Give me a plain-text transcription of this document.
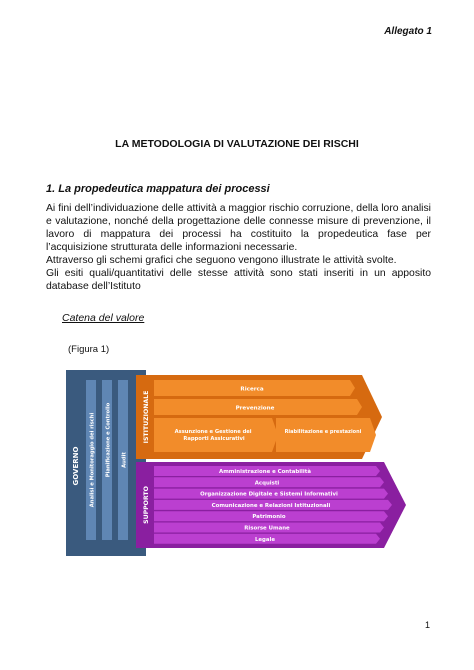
Allegato 1
LA METODOLOGIA DI VALUTAZIONE DEI RISCHI
1. La propedeutica mappatura dei processi
Ai fini dell’individuazione delle attività a maggior rischio corruzione, della loro analisi e valutazione, nonché della progettazione delle connesse misure di prevenzione, il lavoro di mappatura dei processi ha costituito la propedeutica fase per l’acquisizione strutturata delle informazioni necessarie.
Attraverso gli schemi grafici che seguono vengono illustrate le attività svolte.
Gli esiti quali/quantitativi delle stesse attività sono stati inseriti in un apposito database dell’Istituto
Catena del valore
(Figura 1)
GOVERNO Analisi e Monitoraggio dei rischi Pianificazione e Controllo Audit
ISTITUZIONALE
Ricerca
Prevenzione
Assunzione e Gestione dei Rapporti Assicurativi
Riabilitazione e prestazioni
SUPPORTO
Amministrazione e Contabilità
Acquisti
Organizzazione Digitale e Sistemi Informativi
Comunicazione e Relazioni Istituzionali
Patrimonio
Risorse Umane
Legale
1
